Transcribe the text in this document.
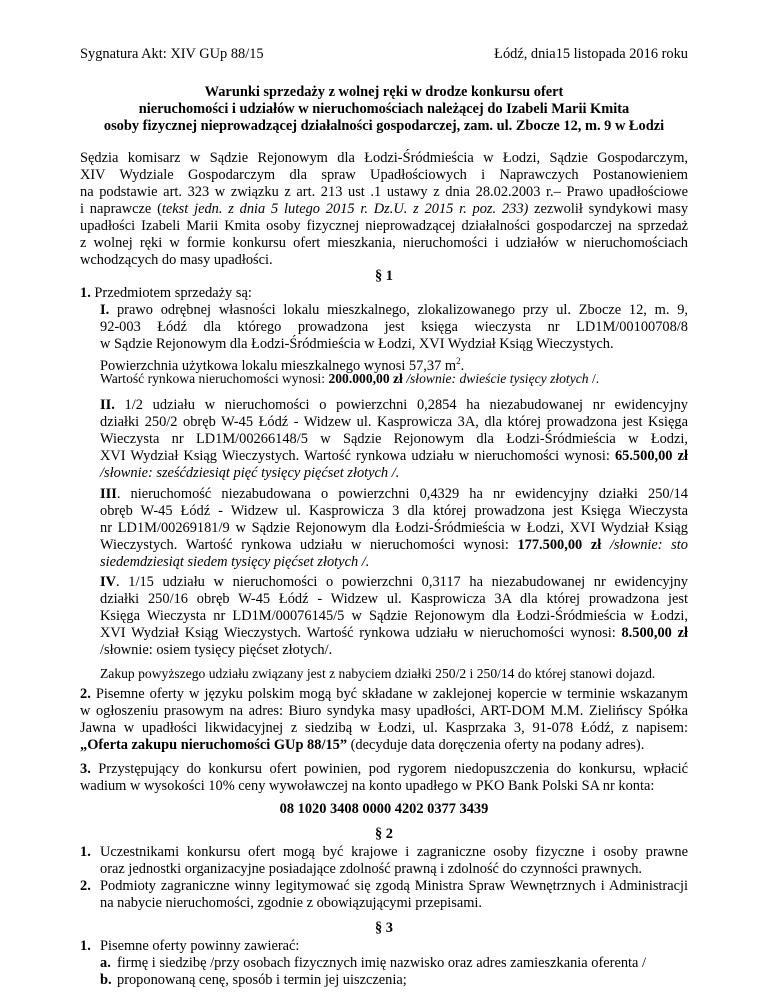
Sygnatura Akt: XIV GUp 88/15	Łódź, dnia15 listopada 2016 roku
Warunki sprzedaży z wolnej ręki w drodze konkursu ofert
nieruchomości i udziałów w nieruchomościach należącej do Izabeli Marii Kmita
osoby fizycznej nieprowadzącej działalności gospodarczej, zam. ul. Zbocze 12, m. 9 w Łodzi
Sędzia komisarz w Sądzie Rejonowym dla Łodzi-Śródmieścia w Łodzi, Sądzie Gospodarczym,
XIV Wydziale Gospodarczym dla spraw Upadłościowych i Naprawczych Postanowieniem
na podstawie art. 323 w związku z art. 213 ust .1 ustawy z dnia 28.02.2003 r.– Prawo upadłościowe
i naprawcze (tekst jedn. z dnia 5 lutego 2015 r. Dz.U. z 2015 r. poz. 233) zezwolił syndykowi masy
upadłości Izabeli Marii Kmita osoby fizycznej nieprowadzącej działalności gospodarczej na sprzedaż
z wolnej ręki w formie konkursu ofert mieszkania, nieruchomości i udziałów w nieruchomościach
wchodzących do masy upadłości.
§ 1
1. Przedmiotem sprzedaży są:
I. prawo odrębnej własności lokalu mieszkalnego, zlokalizowanego przy ul. Zbocze 12, m. 9,
92-003 Łódź dla którego prowadzona jest księga wieczysta nr LD1M/00100708/8
w Sądzie Rejonowym dla Łodzi-Śródmieścia w Łodzi, XVI Wydział Ksiąg Wieczystych.
Powierzchnia użytkowa lokalu mieszkalnego wynosi 57,37 $m^2$.
Wartość rynkowa nieruchomości wynosi: 200.000,00 zł /słownie: dwieście tysięcy złotych /.
II. 1/2 udziału w nieruchomości o powierzchni 0,2854 ha niezabudowanej nr ewidencyjny
działki 250/2 obręb W-45 Łódź - Widzew ul. Kasprowicza 3A, dla której prowadzona jest Księga
Wieczysta nr LD1M/00266148/5 w Sądzie Rejonowym dla Łodzi-Śródmieścia w Łodzi,
XVI Wydział Ksiąg Wieczystych. Wartość rynkowa udziału w nieruchomości wynosi: 65.500,00 zł
/słownie: sześćdziesiąt pięć tysięcy pięćset złotych /.
III. nieruchomość niezabudowana o powierzchni 0,4329 ha nr ewidencyjny działki 250/14
obręb W-45 Łódź - Widzew ul. Kasprowicza 3 dla której prowadzona jest Księga Wieczysta
nr LD1M/00269181/9 w Sądzie Rejonowym dla Łodzi-Śródmieścia w Łodzi, XVI Wydział Ksiąg
Wieczystych. Wartość rynkowa udziału w nieruchomości wynosi: 177.500,00 zł /słownie: sto
siedemdziesiąt siedem tysięcy pięćset złotych /.
IV. 1/15 udziału w nieruchomości o powierzchni 0,3117 ha niezabudowanej nr ewidencyjny
działki 250/16 obręb W-45 Łódź - Widzew ul. Kasprowicza 3A dla której prowadzona jest
Księga Wieczysta nr LD1M/00076145/5 w Sądzie Rejonowym dla Łodzi-Śródmieścia w Łodzi,
XVI Wydział Ksiąg Wieczystych. Wartość rynkowa udziału w nieruchomości wynosi: 8.500,00 zł
/słownie: osiem tysięcy pięćset złotych/.
Zakup powyższego udziału związany jest z nabyciem działki 250/2 i 250/14 do której stanowi dojazd.
2. Pisemne oferty w języku polskim mogą być składane w zaklejonej kopercie w terminie wskazanym
w ogłoszeniu prasowym na adres: Biuro syndyka masy upadłości, ART-DOM M.M. Zielińscy Spółka
Jawna w upadłości likwidacyjnej z siedzibą w Łodzi, ul. Kasprzaka 3, 91-078 Łódź, z napisem:
„Oferta zakupu nieruchomości GUp 88/15” (decyduje data doręczenia oferty na podany adres).
3. Przystępujący do konkursu ofert powinien, pod rygorem niedopuszczenia do konkursu, wpłacić
wadium w wysokości 10% ceny wywoławczej na konto upadłego w PKO Bank Polski SA nr konta:
08 1020 3408 0000 4202 0377 3439
§ 2
1. Uczestnikami konkursu ofert mogą być krajowe i zagraniczne osoby fizyczne i osoby prawne
oraz jednostki organizacyjne posiadające zdolność prawną i zdolność do czynności prawnych.
2. Podmioty zagraniczne winny legitymować się zgodą Ministra Spraw Wewnętrznych i Administracji
na nabycie nieruchomości, zgodnie z obowiązującymi przepisami.
§ 3
1. Pisemne oferty powinny zawierać:
a. firmę i siedzibę /przy osobach fizycznych imię nazwisko oraz adres zamieszkania oferenta /
b. proponowaną cenę, sposób i termin jej uiszczenia;
